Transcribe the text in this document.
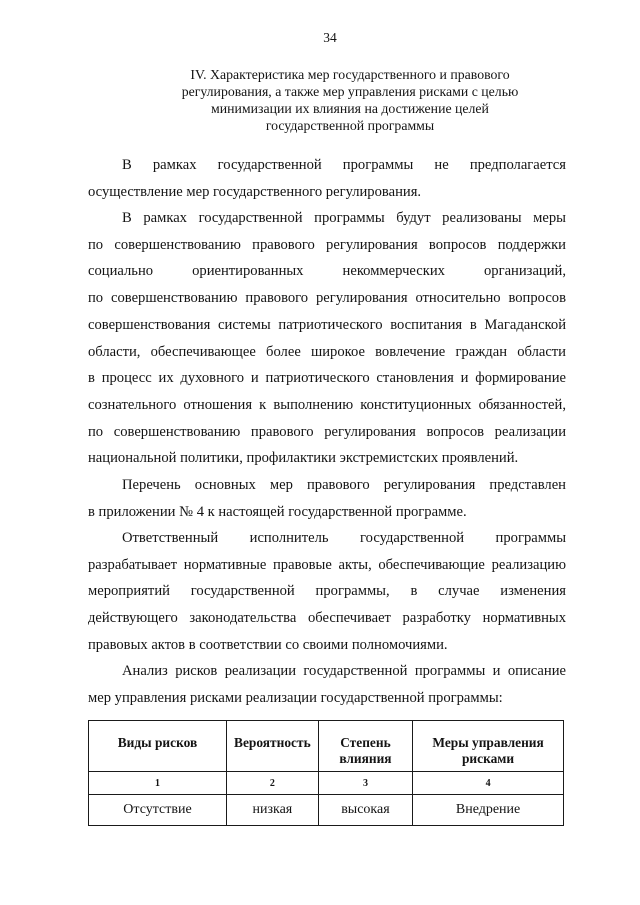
34
IV. Характеристика мер государственного и правового
регулирования, а также мер управления рисками с целью
минимизации их влияния на достижение целей
государственной программы
В рамках государственной программы не предполагается
осуществление мер государственного регулирования.
В рамках государственной программы будут реализованы меры
по совершенствованию правового регулирования вопросов поддержки
социально ориентированных некоммерческих организаций,
по совершенствованию правового регулирования относительно вопросов
совершенствования системы патриотического воспитания в Магаданской
области, обеспечивающее более широкое вовлечение граждан области
в процесс их духовного и патриотического становления и формирование
сознательного отношения к выполнению конституционных обязанностей,
по совершенствованию правового регулирования вопросов реализации
национальной политики, профилактики экстремистских проявлений.
Перечень основных мер правового регулирования представлен
в приложении № 4 к настоящей государственной программе.
Ответственный исполнитель государственной программы
разрабатывает нормативные правовые акты, обеспечивающие реализацию
мероприятий государственной программы, в случае изменения
действующего законодательства обеспечивает разработку нормативных
правовых актов в соответствии со своими полномочиями.
Анализ рисков реализации государственной программы и описание
мер управления рисками реализации государственной программы:
Виды рисков	Вероятность	Степень влияния	Меры управления рисками
1	2	3	4
Отсутствие	низкая	высокая	Внедрение
